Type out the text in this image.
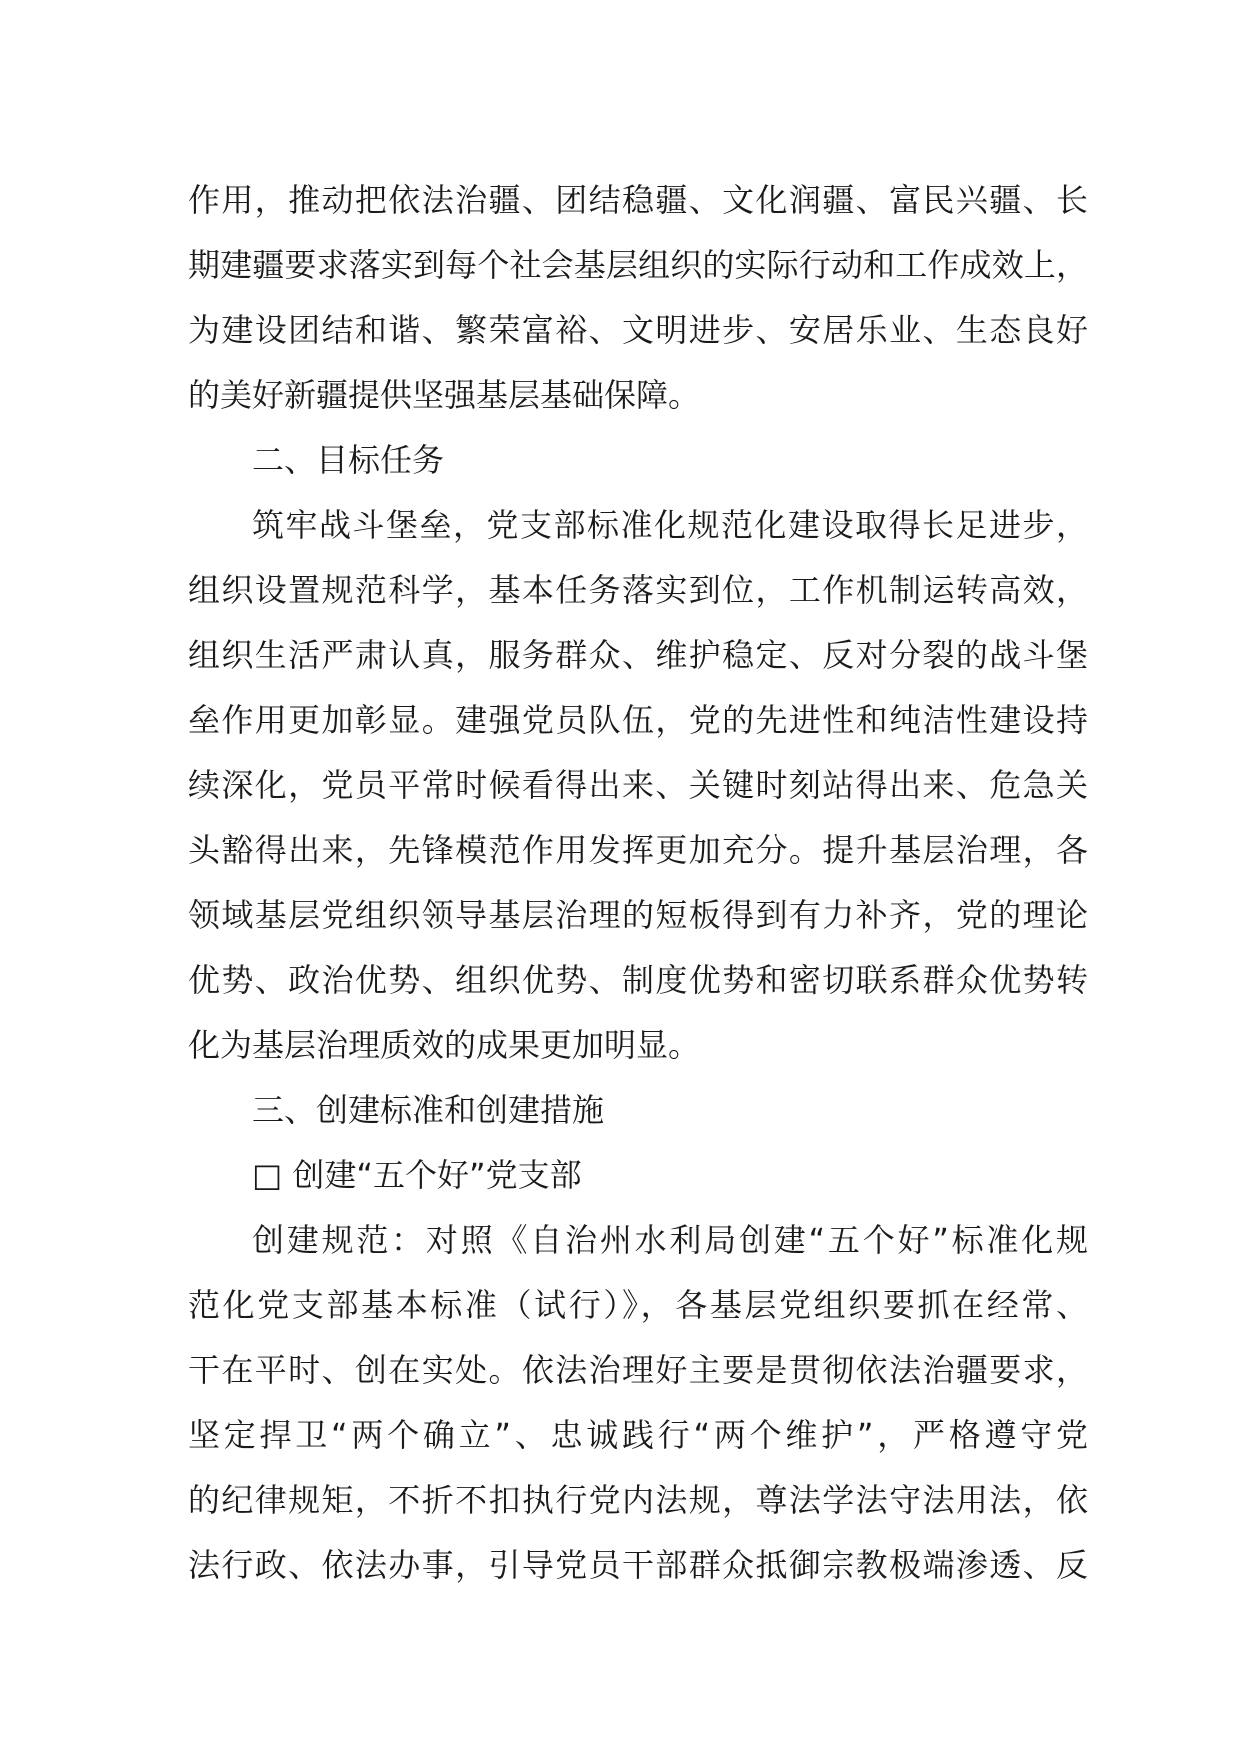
作用，推动把依法治疆、团结稳疆、文化润疆、富民兴疆、长
期建疆要求落实到每个社会基层组织的实际行动和工作成效上，
为建设团结和谐、繁荣富裕、文明进步、安居乐业、生态良好
的美好新疆提供坚强基层基础保障。
二、目标任务
筑牢战斗堡垒，党支部标准化规范化建设取得长足进步，
组织设置规范科学，基本任务落实到位，工作机制运转高效，
组织生活严肃认真，服务群众、维护稳定、反对分裂的战斗堡
垒作用更加彰显。建强党员队伍，党的先进性和纯洁性建设持
续深化，党员平常时候看得出来、关键时刻站得出来、危急关
头豁得出来，先锋模范作用发挥更加充分。提升基层治理，各
领域基层党组织领导基层治理的短板得到有力补齐，党的理论
优势、政治优势、组织优势、制度优势和密切联系群众优势转
化为基层治理质效的成果更加明显。
三、创建标准和创建措施
□ 创建“五个好”党支部
创建规范：对照《自治州水利局创建“五个好”标准化规
范化党支部基本标准（试行）》，各基层党组织要抓在经常、
干在平时、创在实处。依法治理好主要是贯彻依法治疆要求，
坚定捍卫“两个确立”、忠诚践行“两个维护”，严格遵守党
的纪律规矩，不折不扣执行党内法规，尊法学法守法用法，依
法行政、依法办事，引导党员干部群众抵御宗教极端渗透、反
